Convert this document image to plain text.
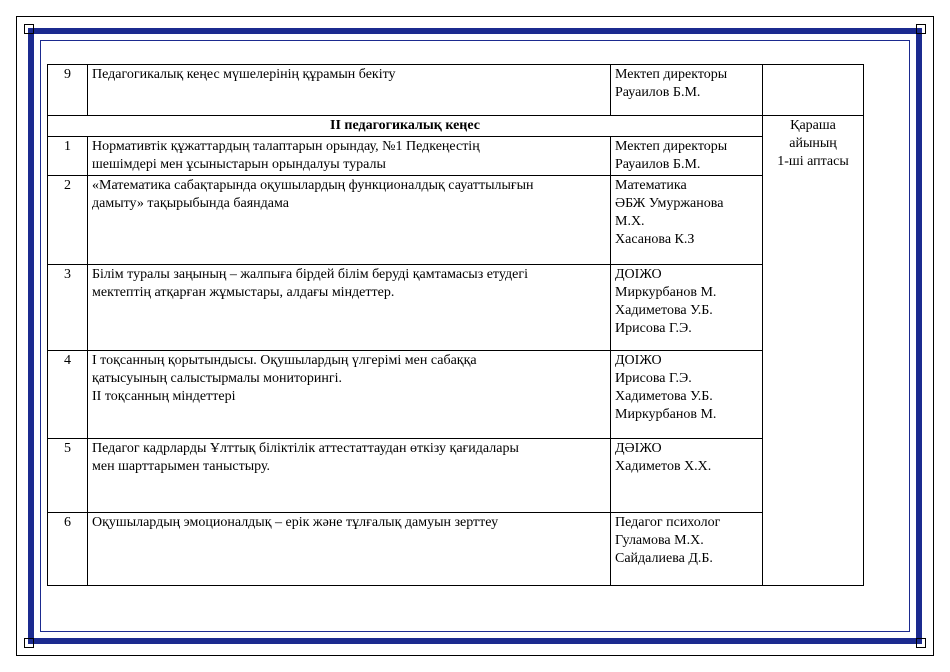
9	Педагогикалық кеңес мүшелерінің құрамын бекіту	Мектеп директоры
Рауаилов Б.М.	

II педагогикалық кеңес			Қараша
айының
1-ші аптасы

1	Нормативтік құжаттардың талаптарын орындау, №1 Педкеңестің
шешімдері мен ұсыныстарын орындалуы туралы	Мектеп директоры
Рауаилов Б.М.	

2	«Математика сабақтарында оқушылардың функционалдық сауаттылығын
дамыту» тақырыбында баяндама	Математика
ӘБЖ Умуржанова
М.Х.
Хасанова К.З	

3	Білім туралы заңының – жалпыға бірдей білім беруді қамтамасыз етудегі
мектептің атқарған жұмыстары, алдағы міндеттер.	ДОІЖО
Миркурбанов М.
Хадиметова У.Б.
Ирисова Г.Э.	

4	І тоқсанның қорытындысы. Оқушылардың үлгерімі мен сабаққа
қатысуының салыстырмалы мониторингі.
ІІ тоқсанның міндеттері	ДОІЖО
Ирисова Г.Э.
Хадиметова У.Б.
Миркурбанов М.	

5	Педагог кадрларды Ұлттық біліктілік аттестаттаудан өткізу қағидалары
мен шарттарымен таныстыру.	ДӘІЖО
Хадиметов Х.Х.	

6	Оқушылардың эмоционалдық – ерік және тұлғалық дамуын зерттеу	Педагог психолог
Гуламова М.Х.
Сайдалиева Д.Б.	
